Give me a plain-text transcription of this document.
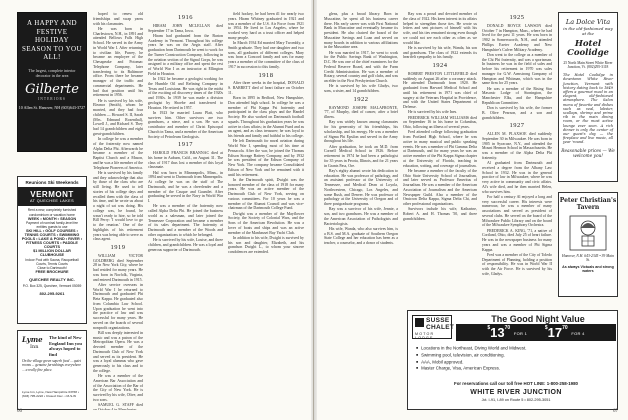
A HAPPY AND FESTIVE HOLIDAY SEASON TO YOU ALL!
The largest, complete interior decorator in the area
Gilberte
INTERIORS
10 Allen St. Hanover, NH (603)643-3727
Reunions Ski Weekends
VERMONT
AT QUECHEE LAKES
Rent a new, completely furnished condominium or vacation home
WEEK • MONTH • SEASON
Payment of nominal family-level fee entitles guests to use
SKI HILL • GOLF COURSES • TENNIS COURTS • SWIMMING POOLS • LAKE & POND • RIVER • FITNESS COURTS • PADDLE COURTS
$1 MILLION DOLLAR CLUBHOUSE
Indoor Pool with Sauna, Racquetball Courts, Tennis Courts
Close to Dartmouth!
FREE BROCHURE
QUECHEE REALTY INC.
P.O. Box 325, Quechee, Vermont 05059
802-295-9261
Lyme
Inn
The kind of New England Inn you always hoped to find
On the village green superb food ... quiet rooms ... genuine furnishings everywhere ... a really fine place.
Lyme Inn, Lyme, New Hampshire 03768 • (603) 795-2222 • Closed: Dec. • M-S-W

hoped to renew old friendships and swap yarns with his classmates.

He was born in Charlestown, N.H., in 1891 and attended Bellows Falls High School. He served in the Army in World War I. After returning to civilian life, Purrey, he became an employee of the Chesapeake and Potomac Telephone Company, later transferring to its Baltimore office. From there he became manager of the traffic and commercial departments. He had that position until his retirement in 1956.

He is survived by his wife, Eleanor (Smith), whom he married, and they had four children — Howard S. II, Sarah (Mrs. Edmund Rosenthal), Lowell J., and Richard S. They had 14 grandchildren and eight great-grandchildren.

In college he was a member of the fraternity now named Alpha Delta Phi. Afterwards he became a member of the Baptist Church and a Mason, and he was a life member of the Telephone Pioneers of America.

He is survived by his family and they acknowledge that also by those of the class who are still living. He used to tell stories of his college days and recalled them with the class of his time, and he wrote us about a night of sat was doing. His college was, he found, he wasn't ready to hire, so he told Bill Perry: 'I would love to go to the reunion.' One of the highlights of his retirement years was being able to serve as class agent.

1919

WILLIAM VICTOR GOLDBERG died September 28 in New York City, where he had resided for many years. He was born in Norfolk, Virginia, and entered Dartmouth in 1915.

After service overseas in World War I he returned to Dartmouth and graduated Phi Beta Kappa. He graduated also from Columbia Law School. Upon graduation he went into the practice of law and was successful for many years. He served on the boards of several nonprofit organizations.

Bill was deeply interested in music and was a patron of the Metropolitan Opera. He was a devoted member of the Dartmouth Club of New York and served as its president. He was a loyal alumnus who gave generously to his class and to the college.

He was a member of the American Bar Association and of the Association of the Bar of the City of New York. He is survived by his wife, Olive, and two sons.

SAMUEL G. STAFF died on October 4 in Manchester.

1916

HIRAM JOHN MCLELLAN died September 17 in Tama, Iowa.

Hiram had graduated from the Barton Academy in Vermont. Throughout his college years he was on the Aegis staff. After graduation from Dartmouth he went to work for the Turner Construction Company, following in the aviation section of the Signal Corps, he was assigned to a military office and spent the rest of World War I as an instructor at Ellington Field in Houston.

In 1922 he became a geologist working for the Humble Oil and Refining Company in Texas and Louisiana. He was right in the midst of the exciting oil discovery times of the 1920s and 1930s. In 1939 he was made a division geologist by Shoebe and transferred to Houston. He retired in 1957.

In 1923 he married Laura Platt, who survives him. Other survivors are two grandsons, a niece, and a son. He was a contributor and member of Christ Episcopal Church in Tama, and a member of the American Society of Petroleum Geologists.

1917

HAROLD FRANCIS BRANNAC died at his home in Auburn, Calif., on August 31. The class of 1917 thus lost a member of this loyal classmate.

Hal was born in Minneapolis, Minn., in 1894 and went to Dartmouth from Minneapolis. At college he was on the staff of The Dartmouth, and he was a cheerleader and a member of the Casque and Gauntlet. After graduating he served in the Navy in World War I.

He was a member of the fraternity now called Alpha Delta Phi. He joined the business world as a salesman, and later joined the Tennessee Corporation and became a member of its sales department. The fraternity at Dartmouth and a member of the Woods and other organizations to which he belonged.

He is survived by his wife, Louise, and three children, and grandchildren. He was a loyal and generous supporter of Dartmouth.

field hockey, he had been ill for nearly two years. Hiram Whitney graduated in 1921 and was a member of the U.S. Air Force from 1921 to 1954. He lived in Los Angeles, where he worked very hard as a trust officer and helped many people.

In March 1934 Ed married Mary Twombly, a Smith graduate. They had one daughter and two sons, all graduates of different colleges. Mary was from a Concord family and was for many years a member of the committee of the class of 1917 in succession to this family.

1918

After three weeks in the hospital, DONALD S. BARRETT died of heart failure on October 11.

Born in 1895 in Bedford, New Hampshire, Don attended high school. In college he was a member of Phi Kappa Psi fraternity and participated in the class plays and the Handel Society. He also worked on Dartmouth football squads. Throughout his graduation years he was active in class affairs; in the Alumni Fund and as an agent, and as class treasurer; he was loyal to his friends and family and faithful to his college.

He left Dartmouth for naval aviation during World War I, spending most of his time at Pensacola. After the war, he joined the Thomas Edison Storage Battery Company, and by 1932 he was president of the Edison Company of New York. The company became Consolidated Edison of New York and he remained with it until his retirement.

In the Dartmouth spirit, Dwight was the honored member of the class of 1918 for many years. He was an active member of the Dartmouth Club of New York, serving on various committees. For 10 years he was a member of the Alumni Council and was vice-chairman of the Dartmouth College Fund.

Dwight was a member of the Mayflower Society, the Society of Colonial Wars, and the Sons of the American Revolution. He was a lover of boats and ships and was an active member of the Manhasset Bay Yacht Club.

In addition to his wife, Dwight is survived by his son and daughter, Elizabeth, and his grandson Dwight L., to whom your sincere condolences are extended.

66

glens, plus a broad library. Born in Muscatine, he spent all his business career there. His early career was with First National Bank in Muscatine and eventually became its president. He also chaired the board of the Muscatine Savings and Loan and served on many boards in addition to various affiliations in the Muscatine area.

He was married in 1917, he went to work for the Public Savings Bank of Washington, D.C. He was one of the chief examiners for the Federal Reserve Board, and with the Farm Credit Administration. He was a member of Rotary, several country and golf clubs, and was an elder in the First Presbyterian Church.

He is survived by his wife Gladys, two sons, a sister, and 14 grandchildren.

1922

RAYMOND JOSEPH MALAFRONTE, '77, of Murphy, died of cancer, after a brief illness.

Ray was widely known among classmates for his generosity of his friendships, his scholarship, and his energy. He was a member of Sigma Phi Epsilon and served in the Army throughout his life.

After graduation, he took an M.D. from Cornell Medical School in 1926. Before retirement in 1974 he had been a pathologist for 35 years in Peoria, Illinois, and for 21 years in Grants Pass, Ore.

Ray's eighty alumni wrote his dedication to education. He was professor of pathology, and an assistant professor at the University of Tennessee, and Medical Dean at Loyola, Northwestern, Chicago, Los Angeles, and some Rush, and Denver. He was professor of pathology at the University of Oregon and of three postgraduate programs.

Ray was a survivor of his wife, Jennie, a son, and two grandsons. He was a member of the American Association of Pathologists and Bacteriologists.

His wife, Wanda, who also survives him, is a B.S. and M.A. graduate of Southern Oregon State College and her education has been as a teacher, a counselor, and a donor of students.

Ray was a proud and devoted member of the class of 1922. His keen interest in its affairs helped to strengthen those ties. He wrote us letters and sent pictures of himself with his wife, and his ties remained strong even though we could not see each other as often as we would like.

He is survived by his wife, Wanda, his son and grandsons. The class of 1922 extends its heartfelt sympathy to his family.

1924

ROBERT PRESTON LITTLEFIELD died suddenly on August 26 after a coronary attack. He attended Dartmouth from 1920. He graduated from Harvard Medical School and until his retirement in 1971 was chief of surgery at the Veterans Hospital in Providence, and with the United States Department of Defense.

He is survived by his wife Ines.

FREDERICK WILLIAM WILLIAMS died on September 16 in his home in Columbus, Ohio, following an illness of several years.

Fred attended college following graduation from Portland High School, where he was active in many musical and public speaking events. He was a member of Phi Gamma Delta at Dartmouth, and for many years he was an active member of the Phi Kappa Sigma chapter at the University of Florida, teaching in education, writing, and coverage of journalism.

He became a member of the faculty of the Ohio State University School of Journalism, and later served as Professor Emeritus of Journalism. He was a member of the American Association of Journalism and the American Newspaper Guild. Also a member of the Omicron Delta Kappa, Sigma Delta Chi, and other professional organizations.

Survivors include his wife, Katharine, Robert A. and H. Thomas '50, and three grandchildren.

1925

DONALD BOYCE LAWSON died October 7 in Hampton, Mass., where he had lived for the past 11 years. He was born in 1902 in Somersworth, N.H., and attended Phillips Exeter Academy and New Hampshire's Culver Military Academy.

Don went to the college as a member of the Chi Phi fraternity, and was a sportsman. In business he was in the field of sales and before his retirement in 1970 was sales manager for G.W. Armstrong Company of Hampton and Whitman, which was in the same firm for 25 years.

He was a member of the Rising Star Masonic Lodge of Stonington, the Manchester Elks, and the Hampshire Republican Committee.

Don is survived by his wife, the former B. Olive Pearson, and a son and grandchildren.

1927

ALLEN M. PLAXSOE died suddenly September 30 in Milwaukee. He was born in 1905 in Syracuse, N.Y., and attended the Mount Hermon School in Massachusetts. He was a member of the Alpha Delta Phi fraternity.

Al graduated from Dartmouth and received a degree from the Albany Law School in 1932. He was in the general practice of law in Milwaukee, where he was very active in community and civic affairs. Al's wife died, and he then married Helen, who survives him.

For half a century Al enjoyed a long and very successful career. His interests were numerous; he was a member of many associations and served as president of several clubs. He served on the board of the Milwaukee Public Library and on the board of the Milwaukee Symphony Orchestra.

FREDERICK A. KING, '71, a native of Cortland, Ohio, died July 25 of heart failure. He was in the newspaper business for many years and was a member of Phi Sigma Kappa.

Fred was a member of the City of Toledo Department of Planning, holding a position of responsibility. He was in World War II with the Air Force. He is survived by his wife, Gladys.

La Dolce Vita
in the old-fashioned way at the
Hotel Coolidge
25 North Main Street White River Junction, Vt. (802)295-3118
The Hotel Coolidge in downtown White River Junction, Vermont with history dating back to 1849 offers a gourmet meal in an elegant, old-fashioned atmosphere. The Salon menu of favorite and dishes such as veal, lobster, scallops, shrimp and prime rib in the main dining room, or the most active lounge ever seen. A rich dinner is only the center of our guest's day — the fireplace and live music, all year 'round.
Reasonable prices — We welcome you!
Peter Christian's Tavern
Hanover, N.H. 643-2345 • 39 Main St.
As always Victuals and strong waters
SUSSE
CHALET
MOTOR LODGE
The Good Night Value
$^{\$}13^{70}$ FOR 1    $^{\$}17^{70}$ FOR 4
■ Locations in the Northeast, Diving World and Midwest.
■ Swimming pool, television, air conditioning.
■ AAA, Mobil approved.
■ Master Charge, Visa, American Express.
For reservations call our toll free HOT LINE: 1-800-258-1980
WHITE RIVER JUNCTION
Jct. I-91, I-89 on Route 5 • 802-295-3051
67
